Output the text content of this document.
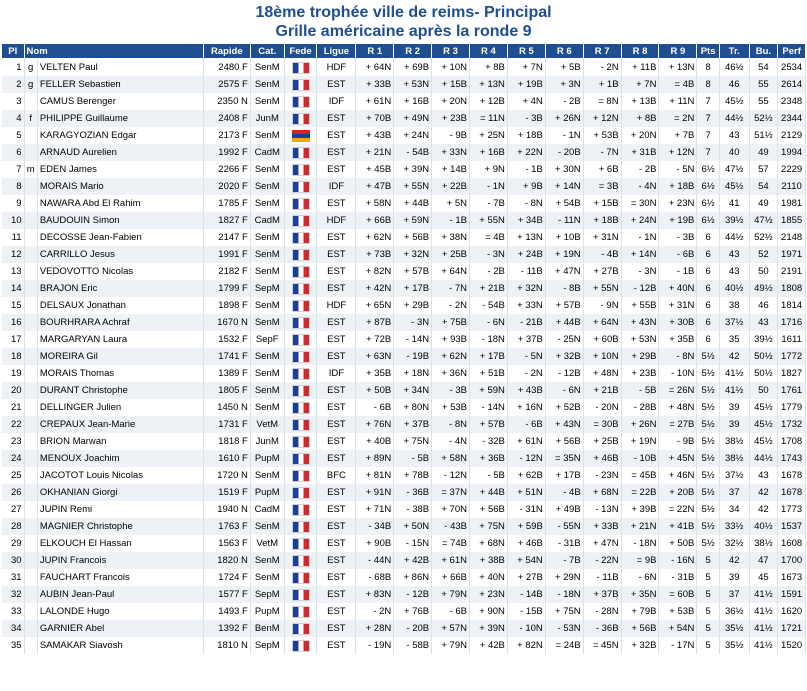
18ème trophée ville de reims- Principal
Grille américaine après la ronde 9
Pl	Nom		Rapide	Cat.	Fede	Ligue	R 1	R 2	R 3	R 4	R 5	R 6	R 7	R 8	R 9	Pts	Tr.	Bu.	Perf
1	g	VELTEN Paul	2480 F	SenM		HDF	+ 64N	+ 69B	+ 10N	+ 8B	+ 7N	+ 5B	- 2N	+ 11B	+ 13N	8	46½	54	2534
2	g	FELLER Sebastien	2575 F	SenM		EST	+ 33B	+ 53N	+ 15B	+ 13N	+ 19B	+ 3N	+ 1B	+ 7N	= 4B	8	46	55	2614
3		CAMUS Berenger	2350 N	SenM		IDF	+ 61N	+ 16B	+ 20N	+ 12B	+ 4N	- 2B	= 8N	+ 13B	+ 11N	7	45½	55	2348
4	f	PHILIPPE Guillaume	2408 F	JunM		EST	+ 70B	+ 49N	+ 23B	= 11N	- 3B	+ 26N	+ 12N	+ 8B	= 2N	7	44½	52½	2344
5		KARAGYOZIAN Edgar	2173 F	SenM		EST	+ 43B	+ 24N	- 9B	+ 25N	+ 18B	- 1N	+ 53B	+ 20N	+ 7B	7	43	51½	2129
6		ARNAUD Aurelien	1992 F	CadM		EST	+ 21N	- 54B	+ 33N	+ 16B	+ 22N	- 20B	- 7N	+ 31B	+ 12N	7	40	49	1994
7	m	EDEN James	2266 F	SenM		EST	+ 45B	+ 39N	+ 14B	+ 9N	- 1B	+ 30N	+ 6B	- 2B	- 5N	6½	47½	57	2229
8		MORAIS Mario	2020 F	SenM		IDF	+ 47B	+ 55N	+ 22B	- 1N	+ 9B	+ 14N	= 3B	- 4N	+ 18B	6½	45½	54	2110
9		NAWARA Abd El Rahim	1785 F	SenM		EST	+ 58N	+ 44B	+ 5N	- 7B	- 8N	+ 54B	+ 15B	= 30N	+ 23N	6½	41	49	1981
10		BAUDOUIN Simon	1827 F	CadM		HDF	+ 66B	+ 59N	- 1B	+ 55N	+ 34B	- 11N	+ 18B	+ 24N	+ 19B	6½	39½	47½	1855
11		DECOSSE Jean-Fabien	2147 F	SenM		EST	+ 62N	+ 56B	+ 38N	= 4B	+ 13N	+ 10B	+ 31N	- 1N	- 3B	6	44½	52½	2148
12		CARRILLO Jesus	1991 F	SenM		EST	+ 73B	+ 32N	+ 25B	- 3N	+ 24B	+ 19N	- 4B	+ 14N	- 6B	6	43	52	1971
13		VEDOVOTTO Nicolas	2182 F	SenM		EST	+ 82N	+ 57B	+ 64N	- 2B	- 11B	+ 47N	+ 27B	- 3N	- 1B	6	43	50	2191
14		BRAJON Eric	1799 F	SepM		EST	+ 42N	+ 17B	- 7N	+ 21B	+ 32N	- 8B	+ 55N	- 12B	+ 40N	6	40½	49½	1808
15		DELSAUX Jonathan	1898 F	SenM		HDF	+ 65N	+ 29B	- 2N	- 54B	+ 33N	+ 57B	- 9N	+ 55B	+ 31N	6	38	46	1814
16		BOURHRARA Achraf	1670 N	SenM		EST	+ 87B	- 3N	+ 75B	- 6N	- 21B	+ 44B	+ 64N	+ 43N	+ 30B	6	37½	43	1716
17		MARGARYAN Laura	1532 F	SepF		EST	+ 72B	- 14N	+ 93B	- 18N	+ 37B	- 25N	+ 60B	+ 53N	+ 35B	6	35	39½	1611
18		MOREIRA Gil	1741 F	SenM		EST	+ 63N	- 19B	+ 62N	+ 17B	- 5N	+ 32B	+ 10N	+ 29B	- 8N	5½	42	50½	1772
19		MORAIS Thomas	1389 F	SenM		IDF	+ 35B	+ 18N	+ 36N	+ 51B	- 2N	- 12B	+ 48N	+ 23B	- 10N	5½	41½	50½	1827
20		DURANT Christophe	1805 F	SenM		EST	+ 50B	+ 34N	- 3B	+ 59N	+ 43B	- 6N	+ 21B	- 5B	= 26N	5½	41½	50	1761
21		DELLINGER Julien	1450 N	SenM		EST	- 6B	+ 80N	+ 53B	- 14N	+ 16N	+ 52B	- 20N	- 28B	+ 48N	5½	39	45½	1779
22		CREPAUX Jean-Marie	1731 F	VetM		EST	+ 76N	+ 37B	- 8N	+ 57B	- 6B	+ 43N	= 30B	+ 26N	= 27B	5½	39	45½	1732
23		BRION Marwan	1818 F	JunM		EST	+ 40B	+ 75N	- 4N	- 32B	+ 61N	+ 56B	+ 25B	+ 19N	- 9B	5½	38½	45½	1708
24		MENOUX Joachim	1610 F	PupM		EST	+ 89N	- 5B	+ 58N	+ 36B	- 12N	= 35N	+ 46B	- 10B	+ 45N	5½	38½	44½	1743
25		JACOTOT Louis Nicolas	1720 N	SenM		BFC	+ 81N	+ 78B	- 12N	- 5B	+ 62B	+ 17B	- 23N	= 45B	+ 46N	5½	37½	43	1678
26		OKHANIAN Giorgi	1519 F	PupM		EST	+ 91N	- 36B	= 37N	+ 44B	+ 51N	- 4B	+ 68N	= 22B	+ 20B	5½	37	42	1678
27		JUPIN Remi	1940 N	CadM		EST	+ 71N	- 38B	+ 70N	+ 56B	- 31N	+ 49B	- 13N	+ 39B	= 22N	5½	34	42	1773
28		MAGNIER Christophe	1763 F	SenM		EST	- 34B	+ 50N	- 43B	+ 75N	+ 59B	- 55N	+ 33B	+ 21N	+ 41B	5½	33½	40½	1537
29		ELKOUCH El Hassan	1563 F	VetM		EST	+ 90B	- 15N	= 74B	+ 68N	+ 46B	- 31B	+ 47N	- 18N	+ 50B	5½	32½	38½	1608
30		JUPIN Francois	1820 N	SenM		EST	- 44N	+ 42B	+ 61N	+ 38B	+ 54N	- 7B	- 22N	= 9B	- 16N	5	42	47	1700
31		FAUCHART Francois	1724 F	SenM		EST	- 68B	+ 86N	+ 66B	+ 40N	+ 27B	+ 29N	- 11B	- 6N	- 31B	5	39	45	1673
32		AUBIN Jean-Paul	1577 F	SepM		EST	+ 83N	- 12B	+ 79N	+ 23N	- 14B	- 18N	+ 37B	+ 35N	= 60B	5	37	41½	1591
33		LALONDE Hugo	1493 F	PupM		EST	- 2N	+ 76B	- 6B	+ 90N	- 15B	+ 75N	- 28N	+ 79B	+ 53B	5	36½	41½	1620
34		GARNIER Abel	1392 F	BenM		EST	+ 28N	- 20B	+ 57N	+ 39N	- 10N	- 53N	- 36B	+ 56B	+ 54N	5	35½	41½	1721
35		SAMAKAR Siavosh	1810 N	SepM		EST	- 19N	- 58B	+ 79N	+ 42B	+ 82N	= 24B	= 45N	+ 32B	- 17N	5	35½	41½	1520
